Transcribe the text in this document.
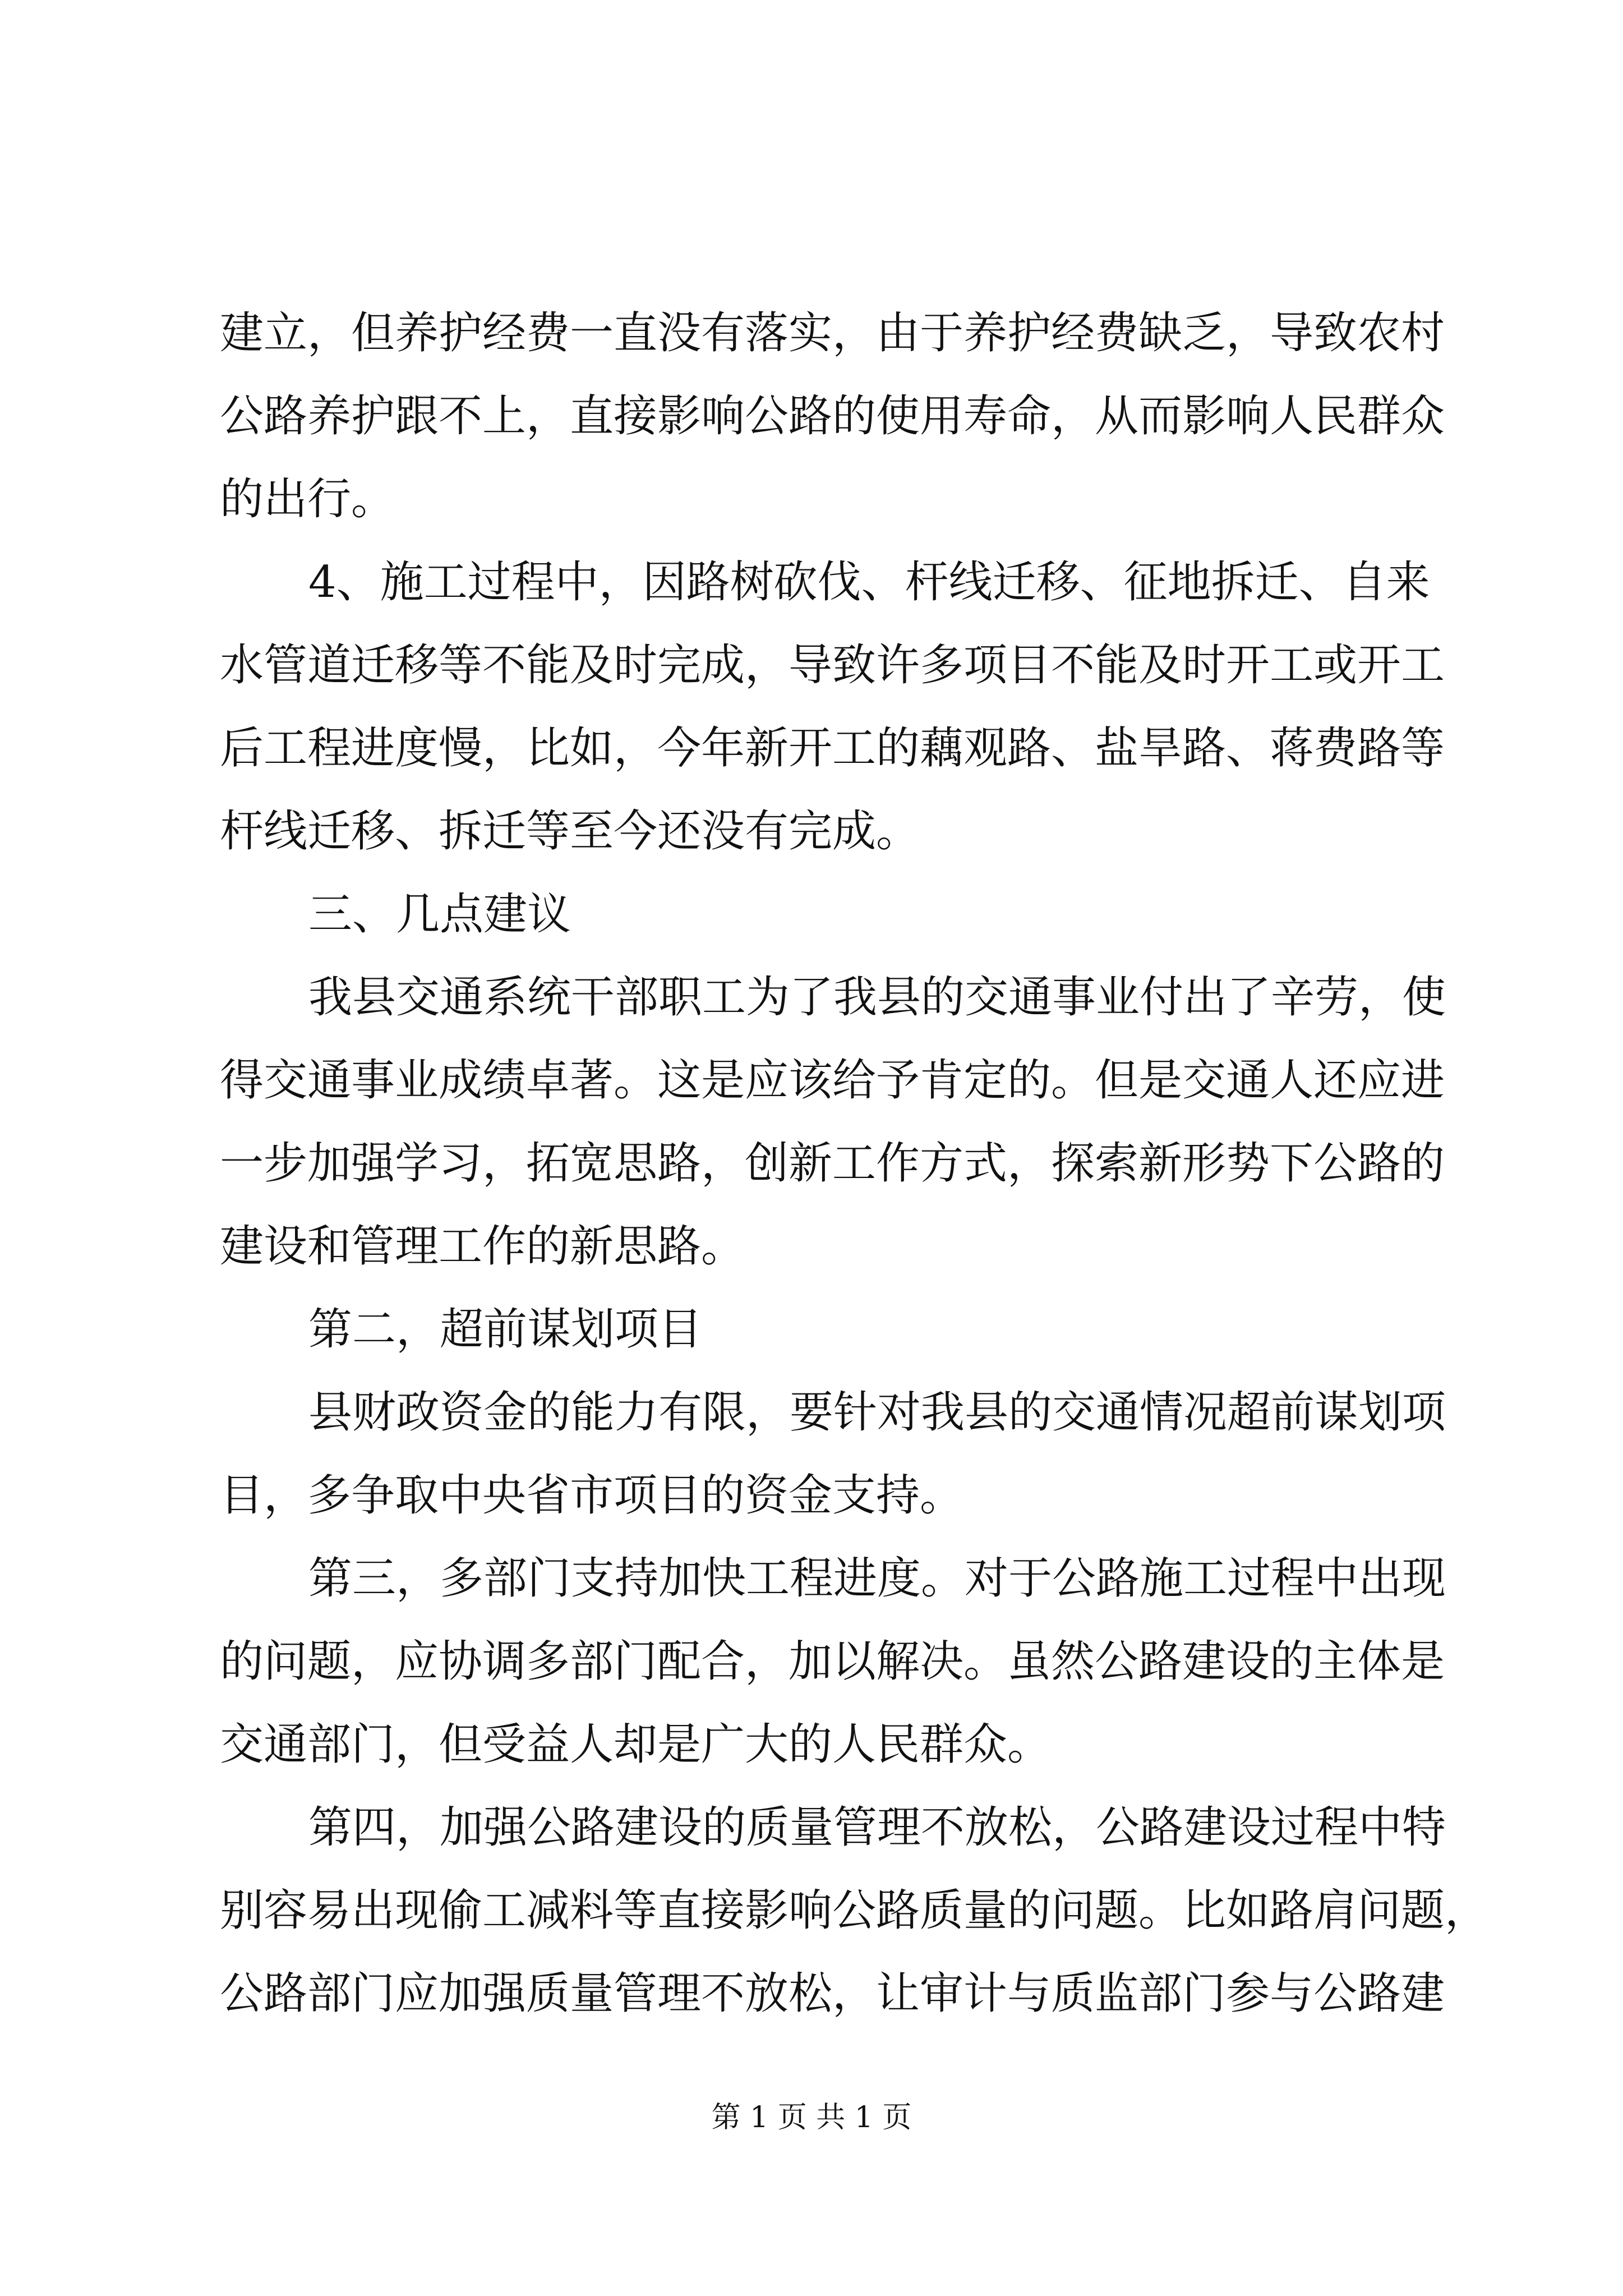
建立，但养护经费一直没有落实，由于养护经费缺乏，导致农村
公路养护跟不上，直接影响公路的使用寿命，从而影响人民群众
的出行。
4、施工过程中，因路树砍伐、杆线迁移、征地拆迁、自来
水管道迁移等不能及时完成，导致许多项目不能及时开工或开工
后工程进度慢，比如，今年新开工的藕观路、盐旱路、蒋费路等
杆线迁移、拆迁等至今还没有完成。
三、几点建议
我县交通系统干部职工为了我县的交通事业付出了辛劳，使
得交通事业成绩卓著。这是应该给予肯定的。但是交通人还应进
一步加强学习，拓宽思路，创新工作方式，探索新形势下公路的
建设和管理工作的新思路。
第二，超前谋划项目
县财政资金的能力有限，要针对我县的交通情况超前谋划项
目，多争取中央省市项目的资金支持。
第三，多部门支持加快工程进度。对于公路施工过程中出现
的问题，应协调多部门配合，加以解决。虽然公路建设的主体是
交通部门，但受益人却是广大的人民群众。
第四，加强公路建设的质量管理不放松，公路建设过程中特
别容易出现偷工减料等直接影响公路质量的问题。比如路肩问题，
公路部门应加强质量管理不放松，让审计与质监部门参与公路建
第 1 页 共 1 页
